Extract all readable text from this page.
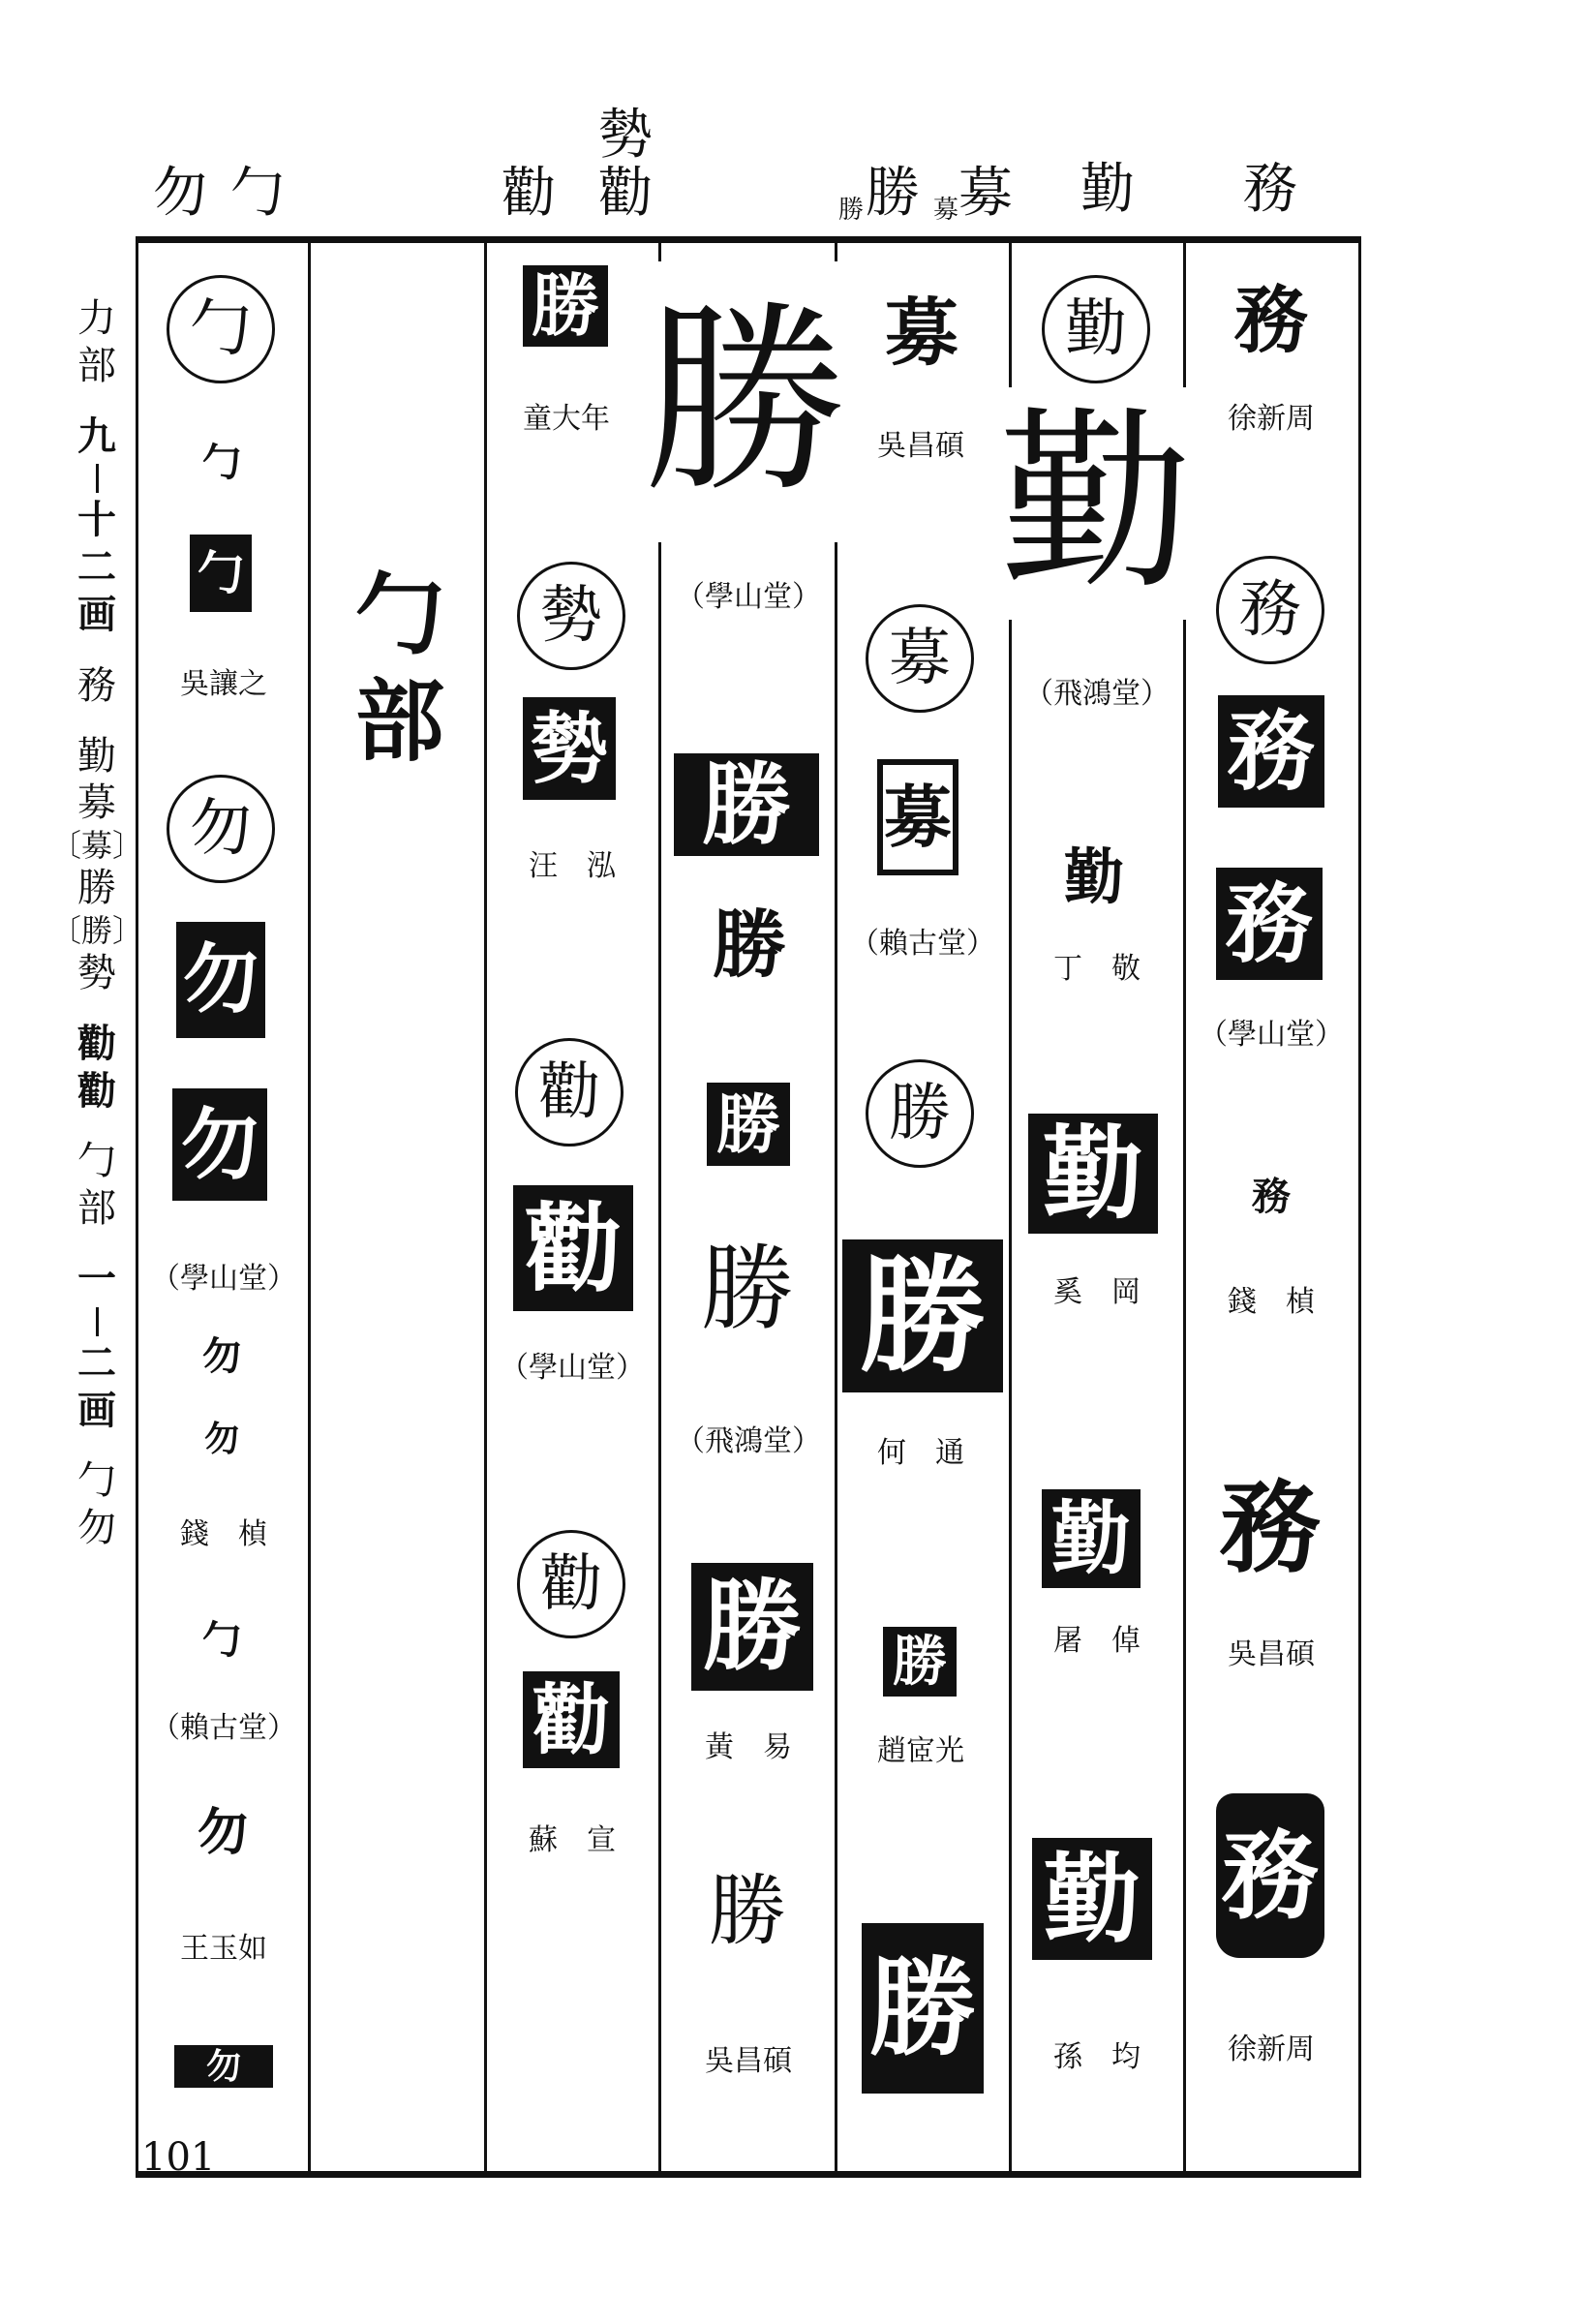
勿 勹
勢
勸 勸	勝 勝 募 募 勤 務
力
部
九
十
二
画
務
勤
募
〔募〕
勝
〔勝〕
勢
勸
勸
勹
部
一
二
画
勹
勿
勹
部
勹
勹
勹
吳讓之
勿
勿
勿
（學山堂）
勿
勿
錢　楨
勹
（賴古堂）
勿
王玉如
勿
勝
童大年
勢
勢
汪　泓
勸
勸
（學山堂）
勸
勸
蘇　宣
勝
（學山堂）
勝
勝
勝
勝
（飛鴻堂）
勝
黃　易
勝
吳昌碩
募
吳昌碩
募
募
（賴古堂）
勝
勝
何　通
勝
趙宧光
勝
勤
勤
（飛鴻堂）
勤
丁　敬
勤
奚　岡
勤
屠　倬
勤
孫　均
務
徐新周
務
務
務
（學山堂）
務
錢　楨
務
吳昌碩
務
徐新周
101
